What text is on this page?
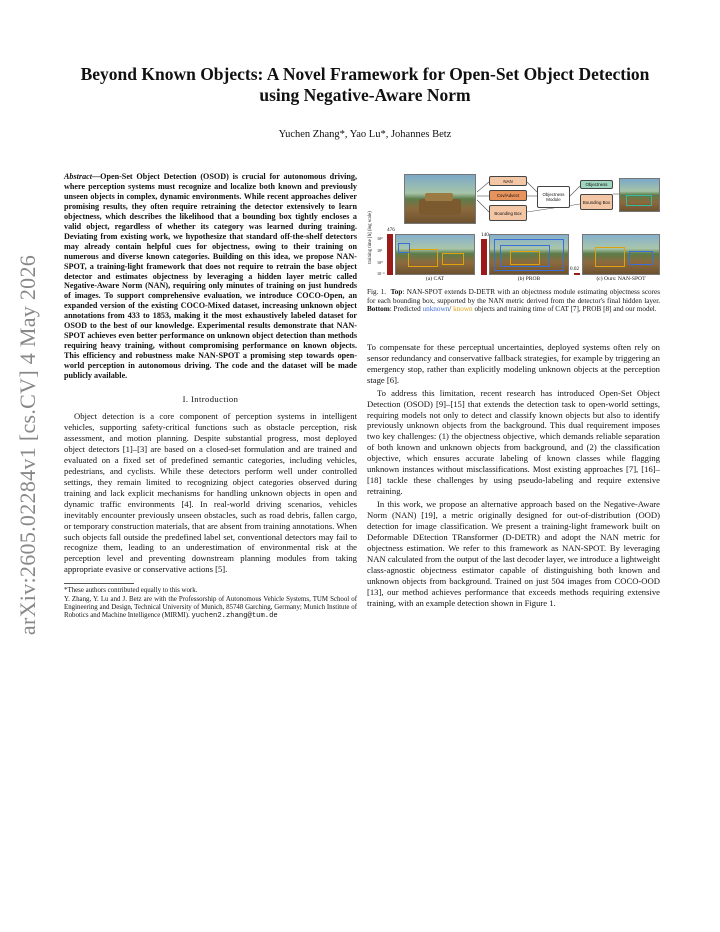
arXiv:2605.02284v1 [cs.CV] 4 May 2026
Beyond Known Objects: A Novel Framework for Open-Set Object Detection using Negative-Aware Norm
Yuchen Zhang*, Yao Lu*, Johannes Betz

Abstract—Open-Set Object Detection (OSOD) is crucial for autonomous driving, where perception systems must recognize and localize both known and previously unseen objects in complex, dynamic environments. While recent approaches deliver promising results, they often require retraining the detector extensively to learn objectness, which describes the likelihood that a bounding box tightly encloses a valid object, regardless of whether its category was learned during training. Deviating from existing work, we hypothesize that standard off-the-shelf detectors may already contain helpful cues for objectness, owing to their training on numerous and diverse known categories. Building on this idea, we propose NAN-SPOT, a training-light framework that does not require to retrain the base object detector and estimates objectness by leveraging a hidden layer metric called Negative-Aware Norm (NAN), requiring only minutes of training on just hundreds of images. To support comprehensive evaluation, we introduce COCO-Open, an expanded version of the existing COCO-Mixed dataset, increasing unknown object annotations from 433 to 1853, making it the most exhaustively labeled dataset for OSOD to the best of our knowledge. Experimental results demonstrate that NAN-SPOT achieves even better performance on unknown object detection than methods requiring heavy training, without compromising performance on known objects. This efficiency and robustness make NAN-SPOT a promising step towards open-world perception in autonomous driving. The code and the dataset will be made publicly available.

I. Introduction

Object detection is a core component of perception systems in intelligent vehicles, supporting safety-critical functions such as obstacle perception, risk assessment, and motion planning. Despite substantial progress, most deployed object detectors [1]–[3] are based on a closed-set formulation and are trained and evaluated on a fixed set of predefined semantic categories, including vehicles, pedestrians, and cyclists. While these detectors perform well under controlled settings, they remain limited to recognizing object categories observed during training and lack explicit mechanisms for handling unknown objects in open and dynamic traffic environments [4]. In real-world driving scenarios, vehicles inevitably encounter previously unseen obstacles, such as road debris, fallen cargo, or temporary construction materials, that are absent from training annotations. When such objects fall outside the predefined label set, conventional detectors may fail to recognize them, leading to an underestimation of environmental risk at the perception level and preventing downstream planning modules from taking appropriate evasive or conservative actions [5].

*These authors contributed equally to this work.

Y. Zhang, Y. Lu and J. Betz are with the Professorship of Autonomous Vehicle Systems, TUM School of Engineering and Design, Technical University of Munich, 85748 Garching, Germany; Munich Institute of Robotics and Machine Intelligence (MIRMI). yuchen2.zhang@tum.de

NAN
Cov/Advect
Bounding Box
Objectness Module
Objectness
Bounding Box
training time [h] (log scale) 10²
10¹
10⁰
10⁻¹
476
(a) CAT
140
(b) PROB
0.02
(c) Ours: NAN-SPOT

Fig. 1. Top: NAN-SPOT extends D-DETR with an objectness module estimating objectness scores for each bounding box, supported by the NAN metric derived from the detector's final hidden layer. Bottom: Predicted unknown/ known objects and training time of CAT [7], PROB [8] and our model.

To compensate for these perceptual uncertainties, deployed systems often rely on sensor redundancy and conservative fallback strategies, for example by triggering an emergency stop, rather than explicitly modeling unknown objects at the perception stage [6].

To address this limitation, recent research has introduced Open-Set Object Detection (OSOD) [9]–[15] that extends the detection task to open-world settings, requiring models not only to detect and classify known objects but also to identify previously unknown objects from the background. This dual requirement imposes two key challenges: (1) the objectness objective, which demands reliable separation of both known and unknown objects from background, and (2) the classification objective, which ensures accurate labeling of known classes while flagging unknown instances without misclassifications. Most existing approaches [7], [16]–[18] tackle these challenges by using pseudo-labeling and require extensive retraining.

In this work, we propose an alternative approach based on the Negative-Aware Norm (NAN) [19], a metric originally designed for out-of-distribution (OOD) detection for image classification. We present a training-light framework built on Deformable DEtection TRansformer (D-DETR) and adopt the NAN metric for objectness estimation. We refer to this framework as NAN-SPOT. By leveraging NAN calculated from the output of the last decoder layer, we introduce a lightweight class-agnostic objectness estimator capable of distinguishing both known and unknown objects from background. Trained on just 504 images from COCO-OOD [13], our method achieves performance that exceeds methods requiring extensive training, with an example detection shown in Figure 1.
